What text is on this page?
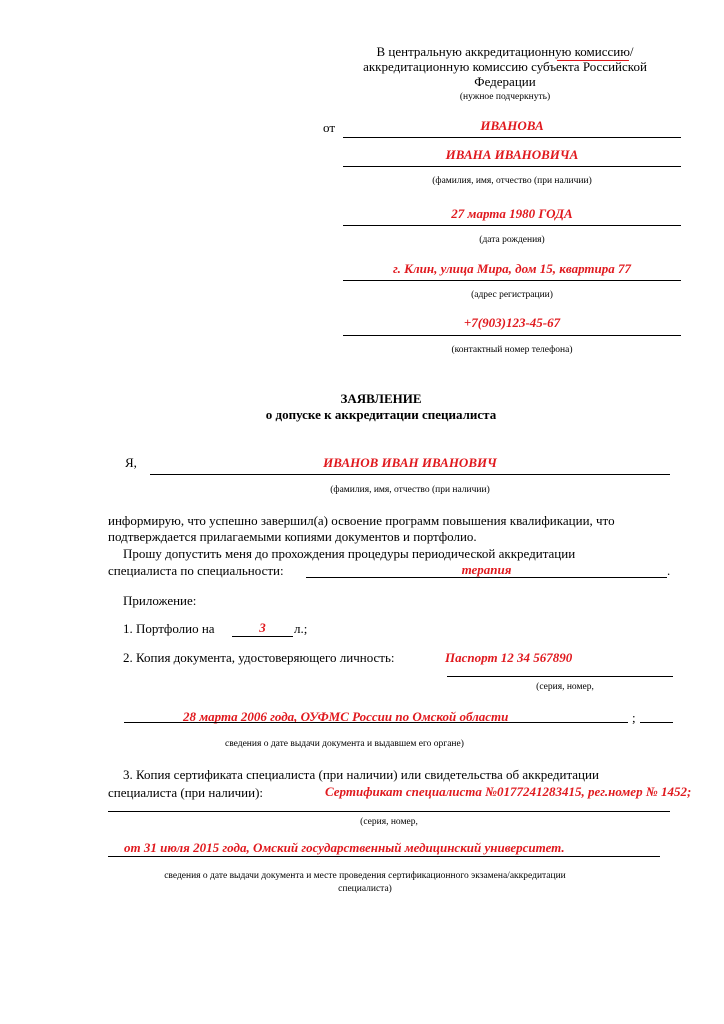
В центральную аккредитационную комиссию/
аккредитационную комиссию субъекта Российской
Федерации
(нужное подчеркнуть)
от	ИВАНОВА
ИВАНА ИВАНОВИЧА
(фамилия, имя, отчество (при наличии)
27 марта 1980 ГОДА
(дата рождения)
г. Клин, улица Мира, дом 15, квартира 77
(адрес регистрации)
+7(903)123-45-67
(контактный номер телефона)
ЗАЯВЛЕНИЕ
о допуске к аккредитации специалиста
Я,	ИВАНОВ ИВАН ИВАНОВИЧ
(фамилия, имя, отчество (при наличии)
информирую, что успешно завершил(а) освоение программ повышения квалификации, что
подтверждается прилагаемыми копиями документов и портфолио.
Прошу допустить меня до прохождения процедуры периодической аккредитации
специалиста по специальности:	терапия	.
Приложение:
1. Портфолио на	3	л.;
2. Копия документа, удостоверяющего личность:	Паспорт 12 34 567890
(серия, номер,
28 марта 2006 года, ОУФМС России по Омской области	;
сведения о дате выдачи документа и выдавшем его органе)
3. Копия сертификата специалиста (при наличии) или свидетельства об аккредитации
специалиста (при наличии):	Сертификат специалиста №0177241283415, рег.номер № 1452;
(серия, номер,
от 31 июля 2015 года, Омский государственный медицинский университет.
сведения о дате выдачи документа и месте проведения сертификационного экзамена/аккредитации
специалиста)
